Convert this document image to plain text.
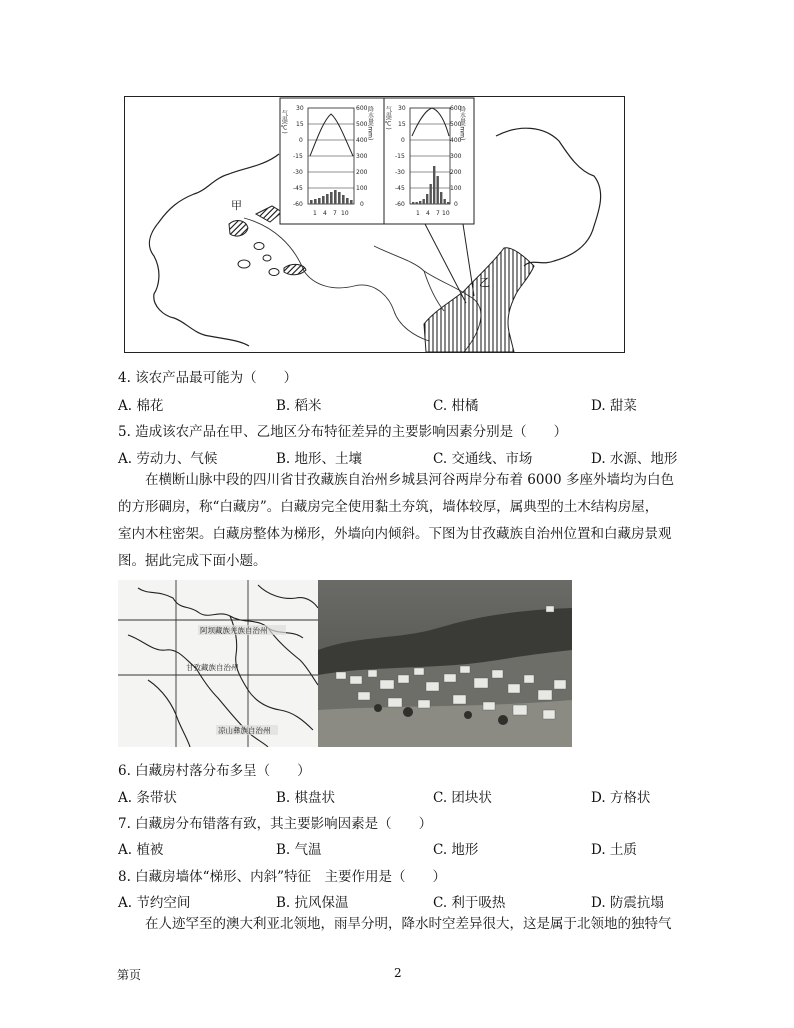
甲
乙
气温(℃)	降水量(mm)
30
15
0
-15
-30
-45
-60
600
500
400
300
200
100
0
1 4 7 10
气温(℃)	降水量(mm)
30
15
0
-15
-30
-45
-60
600
500
400
300
200
100
0
1 4 7 10
4. 该农产品最可能为（　　）
A. 棉花	B. 稻米	C. 柑橘	D. 甜菜
5. 造成该农产品在甲、乙地区分布特征差异的主要影响因素分别是（　　）
A. 劳动力、气候	B. 地形、土壤	C. 交通线、市场	D. 水源、地形
在横断山脉中段的四川省甘孜藏族自治州乡城县河谷两岸分布着 6000 多座外墙均为白色
的方形碉房，称“白藏房”。白藏房完全使用黏土夯筑，墙体较厚，属典型的土木结构房屋，
室内木柱密架。白藏房整体为梯形，外墙向内倾斜。下图为甘孜藏族自治州位置和白藏房景观
图。据此完成下面小题。
阿坝藏族羌族自治州
甘孜藏族自治州
凉山彝族自治州
6. 白藏房村落分布多呈（　　）
A. 条带状	B. 棋盘状	C. 团块状	D. 方格状
7. 白藏房分布错落有致，其主要影响因素是（　　）
A. 植被	B. 气温	C. 地形	D. 土质
8. 白藏房墙体“梯形、内斜”特征　主要作用是（　　）
A. 节约空间	B. 抗风保温	C. 利于吸热	D. 防震抗塌
在人迹罕至的澳大利亚北领地，雨旱分明，降水时空差异很大，这是属于北领地的独特气
第页	2
